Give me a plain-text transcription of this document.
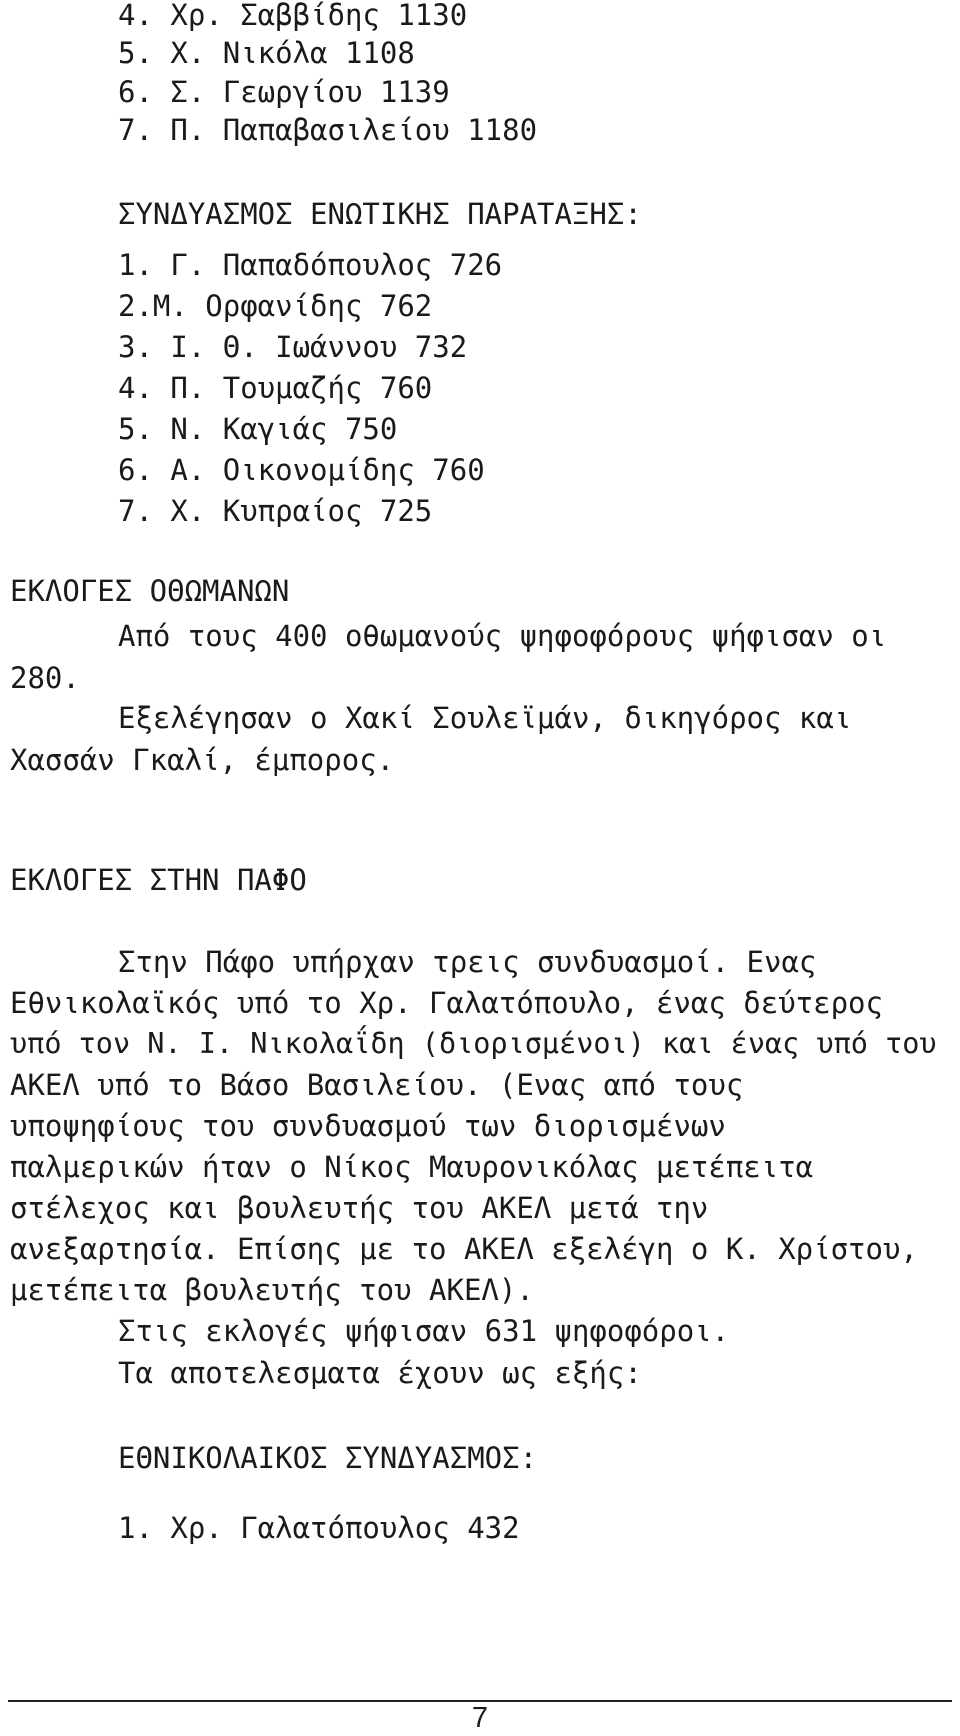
4. Χρ. Σαββίδης 1130
5. Χ. Νικόλα 1108
6. Σ. Γεωργίου 1139
7. Π. Παπαβασιλείου 1180
ΣΥΝΔΥΑΣΜΟΣ ΕΝΩΤΙΚΗΣ ΠΑΡΑΤΑΞΗΣ:
1. Γ. Παπαδόπουλος 726
2.Μ. Ορφανίδης 762
3. Ι. Θ. Ιωάννου 732
4. Π. Τουμαζής 760
5. Ν. Καγιάς 750
6. Α. Οικονομίδης 760
7. Χ. Κυπραίος 725
ΕΚΛΟΓΕΣ ΟΘΩΜΑΝΩΝ
Από τους 400 οθωμανούς ψηφοφόρους ψήφισαν οι
280.
Εξελέγησαν ο Χακί Σουλεϊμάν, δικηγόρος και
Χασσάν Γκαλί, έμπορος.
ΕΚΛΟΓΕΣ ΣΤΗΝ ΠΑΦΟ
Στην Πάφο υπήρχαν τρεις συνδυασμοί. Ενας
Εθνικολαϊκός υπό το Χρ. Γαλατόπουλο, ένας δεύτερος
υπό τον Ν. Ι. Νικολαΐδη (διορισμένοι) και ένας υπό του
ΑΚΕΛ υπό το Βάσο Βασιλείου. (Ενας από τους
υποψηφίους του συνδυασμού των διορισμένων
παλμερικών ήταν ο Νίκος Μαυρονικόλας μετέπειτα
στέλεχος και βουλευτής του ΑΚΕΛ μετά την
ανεξαρτησία. Επίσης με το ΑΚΕΛ εξελέγη ο Κ. Χρίστου,
μετέπειτα βουλευτής του ΑΚΕΛ).
Στις εκλογές ψήφισαν 631 ψηφοφόροι.
Τα αποτελεσματα έχουν ως εξής:
ΕΘΝΙΚΟΛΑΙΚΟΣ ΣΥΝΔΥΑΣΜΟΣ:
1. Χρ. Γαλατόπουλος 432
7
